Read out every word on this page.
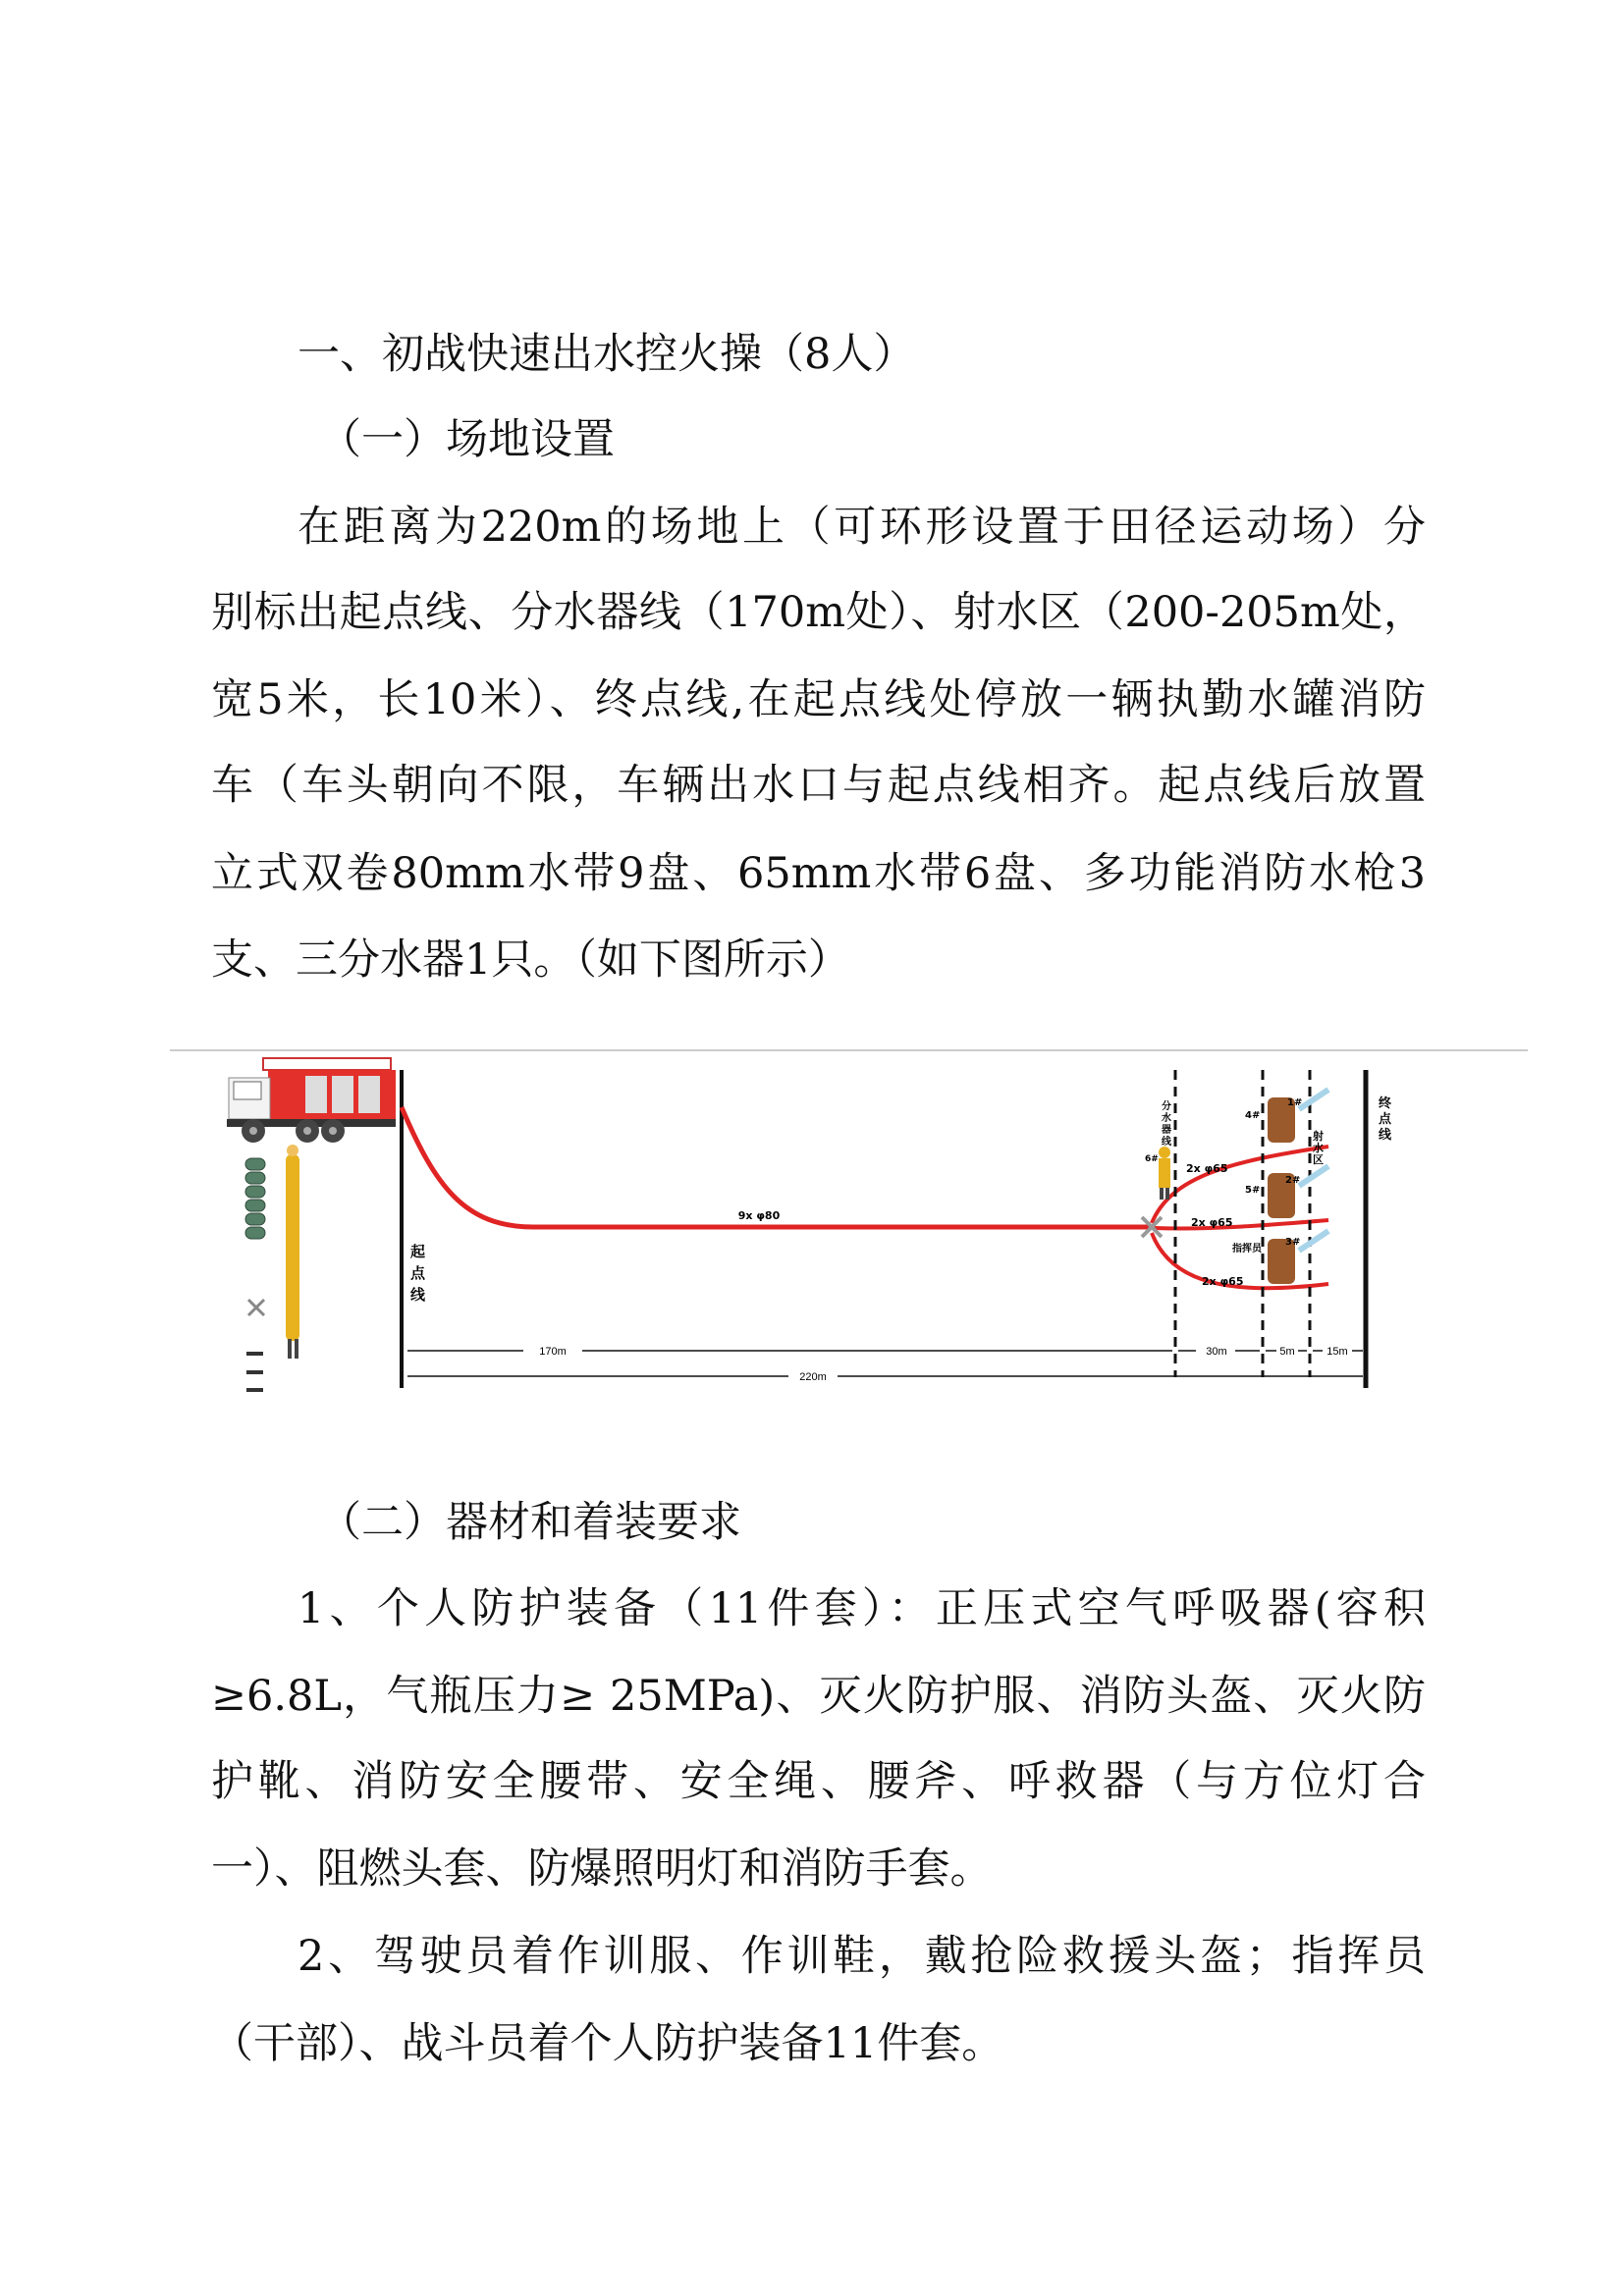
一、初战快速出水控火操（8人）
（一）场地设置
在距离为220m的场地上（可环形设置于田径运动场）分
别标出起点线、分水器线（170m处）、射水区（200-205m处，
宽5米，长10米）、终点线,在起点线处停放一辆执勤水罐消防
车（车头朝向不限，车辆出水口与起点线相齐。起点线后放置
立式双卷80mm水带9盘、65mm水带6盘、多功能消防水枪3
支、三分水器1只。（如下图所示）
起点线
9x φ80
2x φ65
2x φ65
2x φ65
6#
分水器线	射水区
1#
2#
3#
4#
5#
指挥员
终点线
170m
220m
30m	5m	15m
（二）器材和着装要求
1、个人防护装备（11件套）：正压式空气呼吸器(容积
≥6.8L，气瓶压力≥ 25MPa)、灭火防护服、消防头盔、灭火防
护靴、消防安全腰带、安全绳、腰斧、呼救器（与方位灯合
一）、阻燃头套、防爆照明灯和消防手套。
2、驾驶员着作训服、作训鞋，戴抢险救援头盔；指挥员
（干部）、战斗员着个人防护装备11件套。
